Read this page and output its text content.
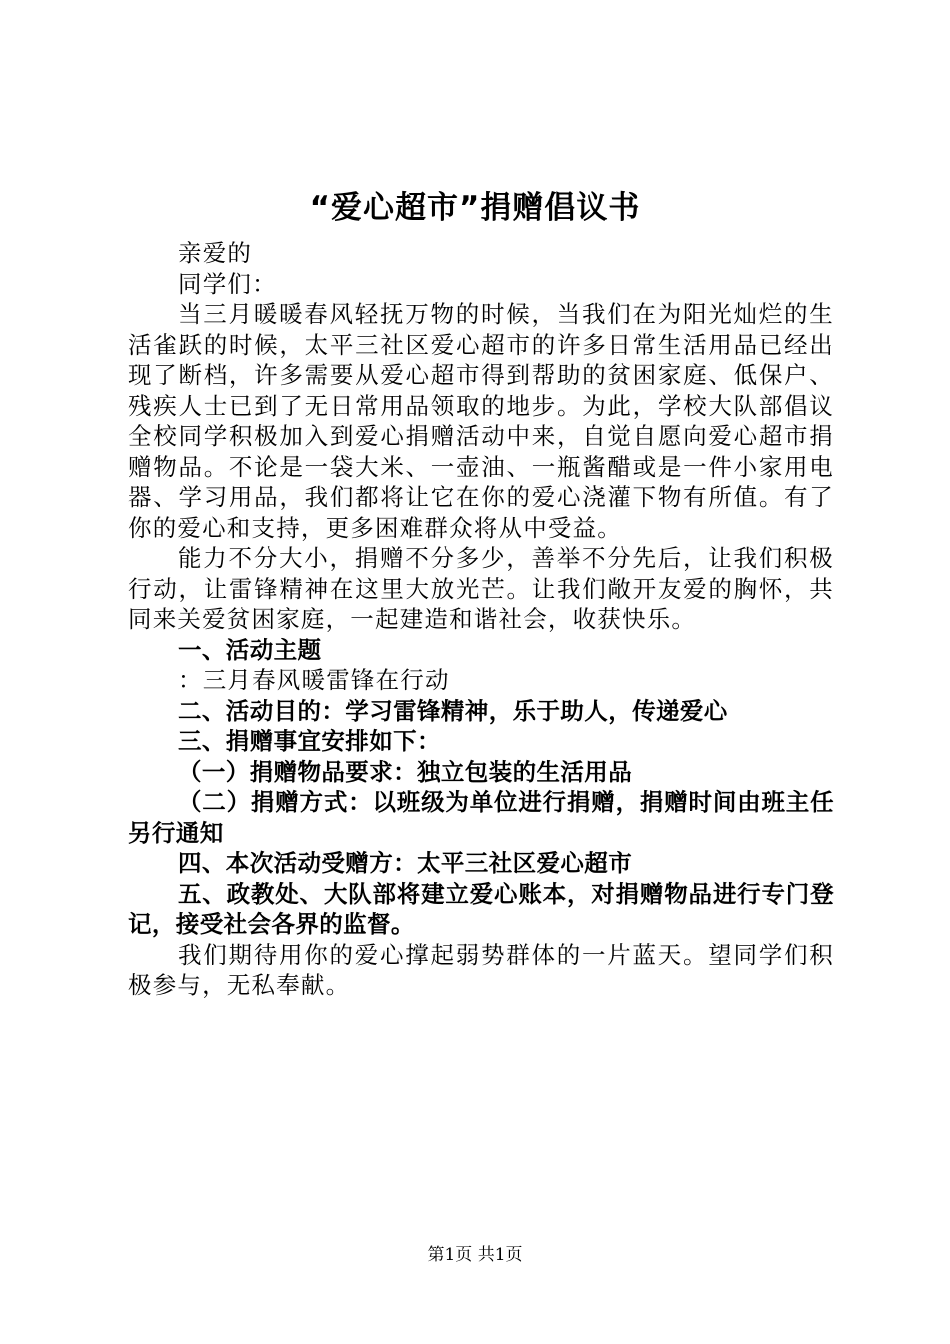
“爱心超市”捐赠倡议书

亲爱的

同学们：

当三月暖暖春风轻抚万物的时候，当我们在为阳光灿烂的生活雀跃的时候，太平三社区爱心超市的许多日常生活用品已经出现了断档，许多需要从爱心超市得到帮助的贫困家庭、低保户、残疾人士已到了无日常用品领取的地步。为此，学校大队部倡议全校同学积极加入到爱心捐赠活动中来，自觉自愿向爱心超市捐赠物品。不论是一袋大米、一壶油、一瓶酱醋或是一件小家用电器、学习用品，我们都将让它在你的爱心浇灌下物有所值。有了你的爱心和支持，更多困难群众将从中受益。

能力不分大小，捐赠不分多少，善举不分先后，让我们积极行动，让雷锋精神在这里大放光芒。让我们敞开友爱的胸怀，共同来关爱贫困家庭，一起建造和谐社会，收获快乐。

一、活动主题

：三月春风暖雷锋在行动

二、活动目的：学习雷锋精神，乐于助人，传递爱心

三、捐赠事宜安排如下：

（一）捐赠物品要求：独立包装的生活用品

（二）捐赠方式：以班级为单位进行捐赠，捐赠时间由班主任另行通知

四、本次活动受赠方：太平三社区爱心超市

五、政教处、大队部将建立爱心账本，对捐赠物品进行专门登记，接受社会各界的监督。

我们期待用你的爱心撑起弱势群体的一片蓝天。望同学们积极参与，无私奉献。

第1页 共1页
